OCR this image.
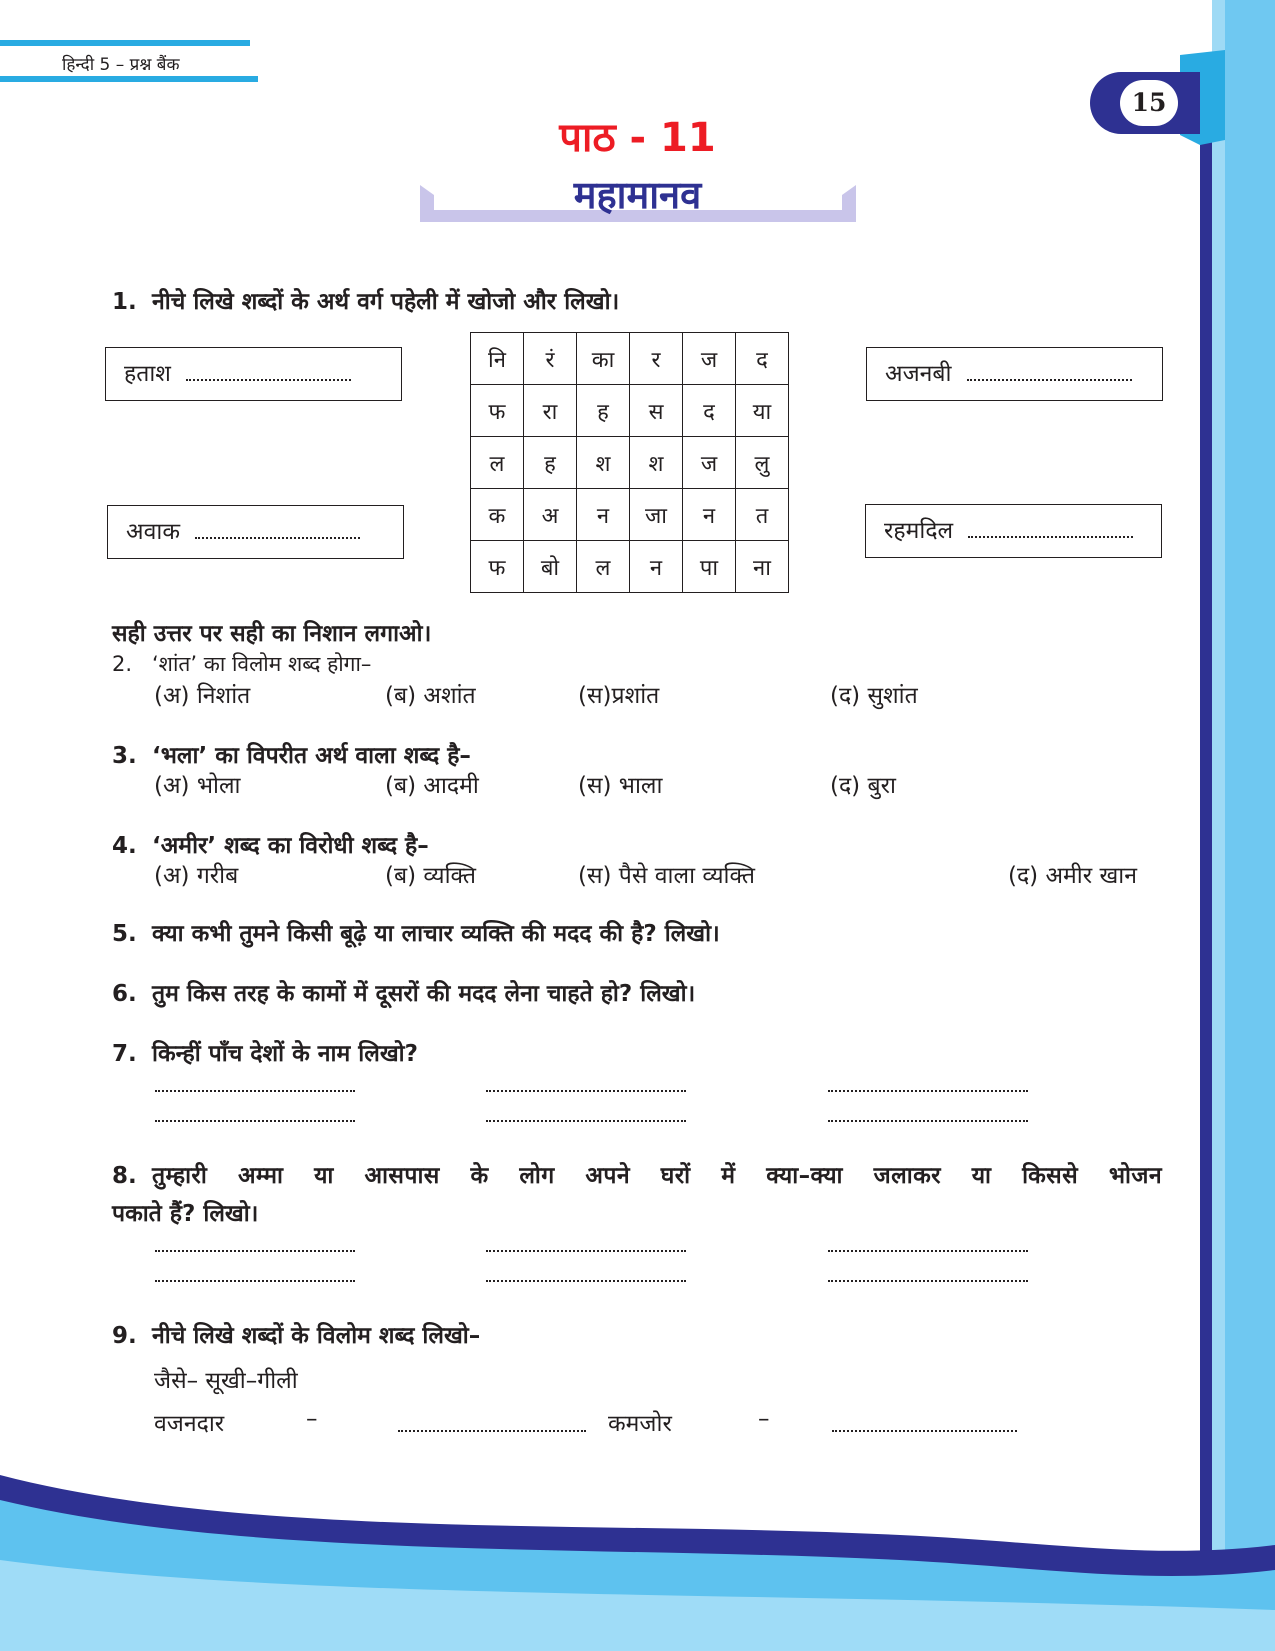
हिन्दी 5 – प्रश्न बैंक
15
पाठ - 11
महामानव
1. नीचे लिखे शब्दों के अर्थ वर्ग पहेली में खोजो और लिखो।
हताश
अवाक
अजनबी
रहमदिल
नि	रं	का	र	ज	द
फ	रा	ह	स	द	या
ल	ह	श	श	ज	लु
क	अ	न	जा	न	त
फ	बो	ल	न	पा	ना
सही उत्तर पर सही का निशान लगाओ।
2. ‘शांत’ का विलोम शब्द होगा–
(अ) निशांत	(ब) अशांत	(स)प्रशांत	(द) सुशांत
3. ‘भला’ का विपरीत अर्थ वाला शब्द है–
(अ) भोला	(ब) आदमी	(स) भाला	(द) बुरा
4. ‘अमीर’ शब्द का विरोधी शब्द है–
(अ) गरीब	(ब) व्यक्ति	(स) पैसे वाला व्यक्ति	(द) अमीर खान
5. क्या कभी तुमने किसी बूढ़े या लाचार व्यक्ति की मदद की है? लिखो।
6. तुम किस तरह के कामों में दूसरों की मदद लेना चाहते हो? लिखो।
7. किन्हीं पाँच देशों के नाम लिखो?
8. तुम्हारी अम्मा या आसपास के लोग अपने घरों में क्या–क्या जलाकर या किससे भोजन
पकाते हैं? लिखो।
9. नीचे लिखे शब्दों के विलोम शब्द लिखो–
जैसे– सूखी–गीली
वजनदार	–	कमजोर	–
